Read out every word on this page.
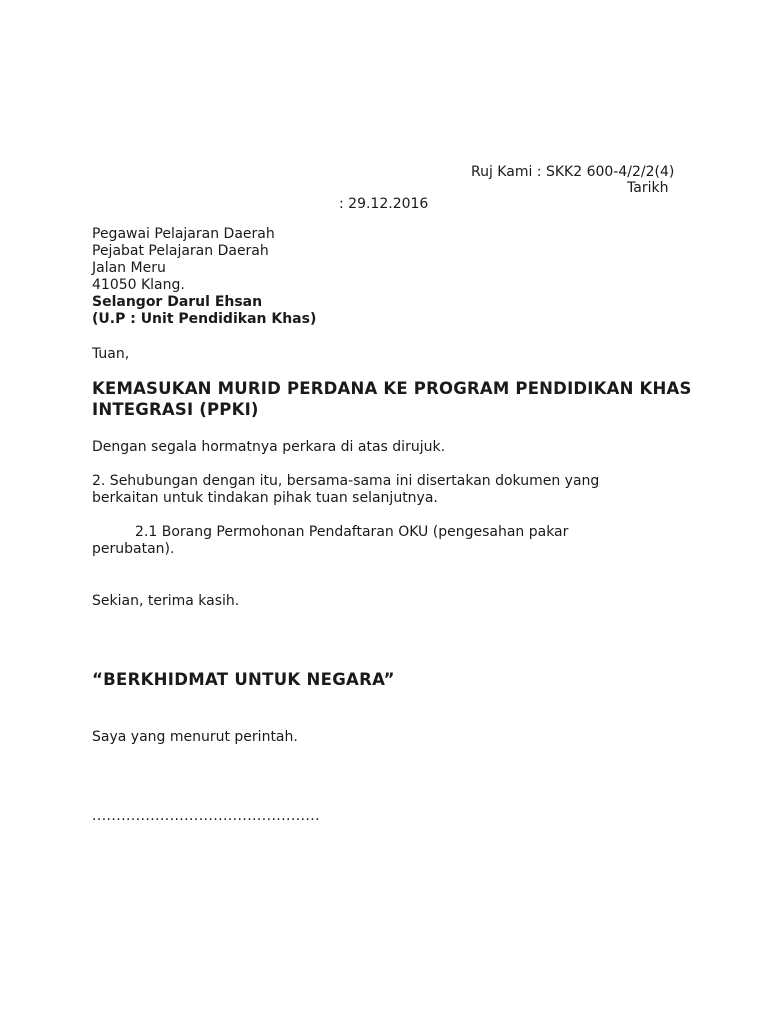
Ruj Kami : SKK2 600-4/2/2(4)
Tarikh
: 29.12.2016
Pegawai Pelajaran Daerah
Pejabat Pelajaran Daerah
Jalan Meru
41050 Klang.
Selangor Darul Ehsan
(U.P : Unit Pendidikan Khas)
Tuan,
KEMASUKAN MURID PERDANA KE PROGRAM PENDIDIKAN KHAS INTEGRASI (PPKI)
Dengan segala hormatnya perkara di atas dirujuk.
2. Sehubungan dengan itu, bersama-sama ini disertakan dokumen yang
berkaitan untuk tindakan pihak tuan selanjutnya.
2.1 Borang Permohonan Pendaftaran OKU (pengesahan pakar
perubatan).
Sekian, terima kasih.
“BERKHIDMAT UNTUK NEGARA”
Saya yang menurut perintah.
...............................................
